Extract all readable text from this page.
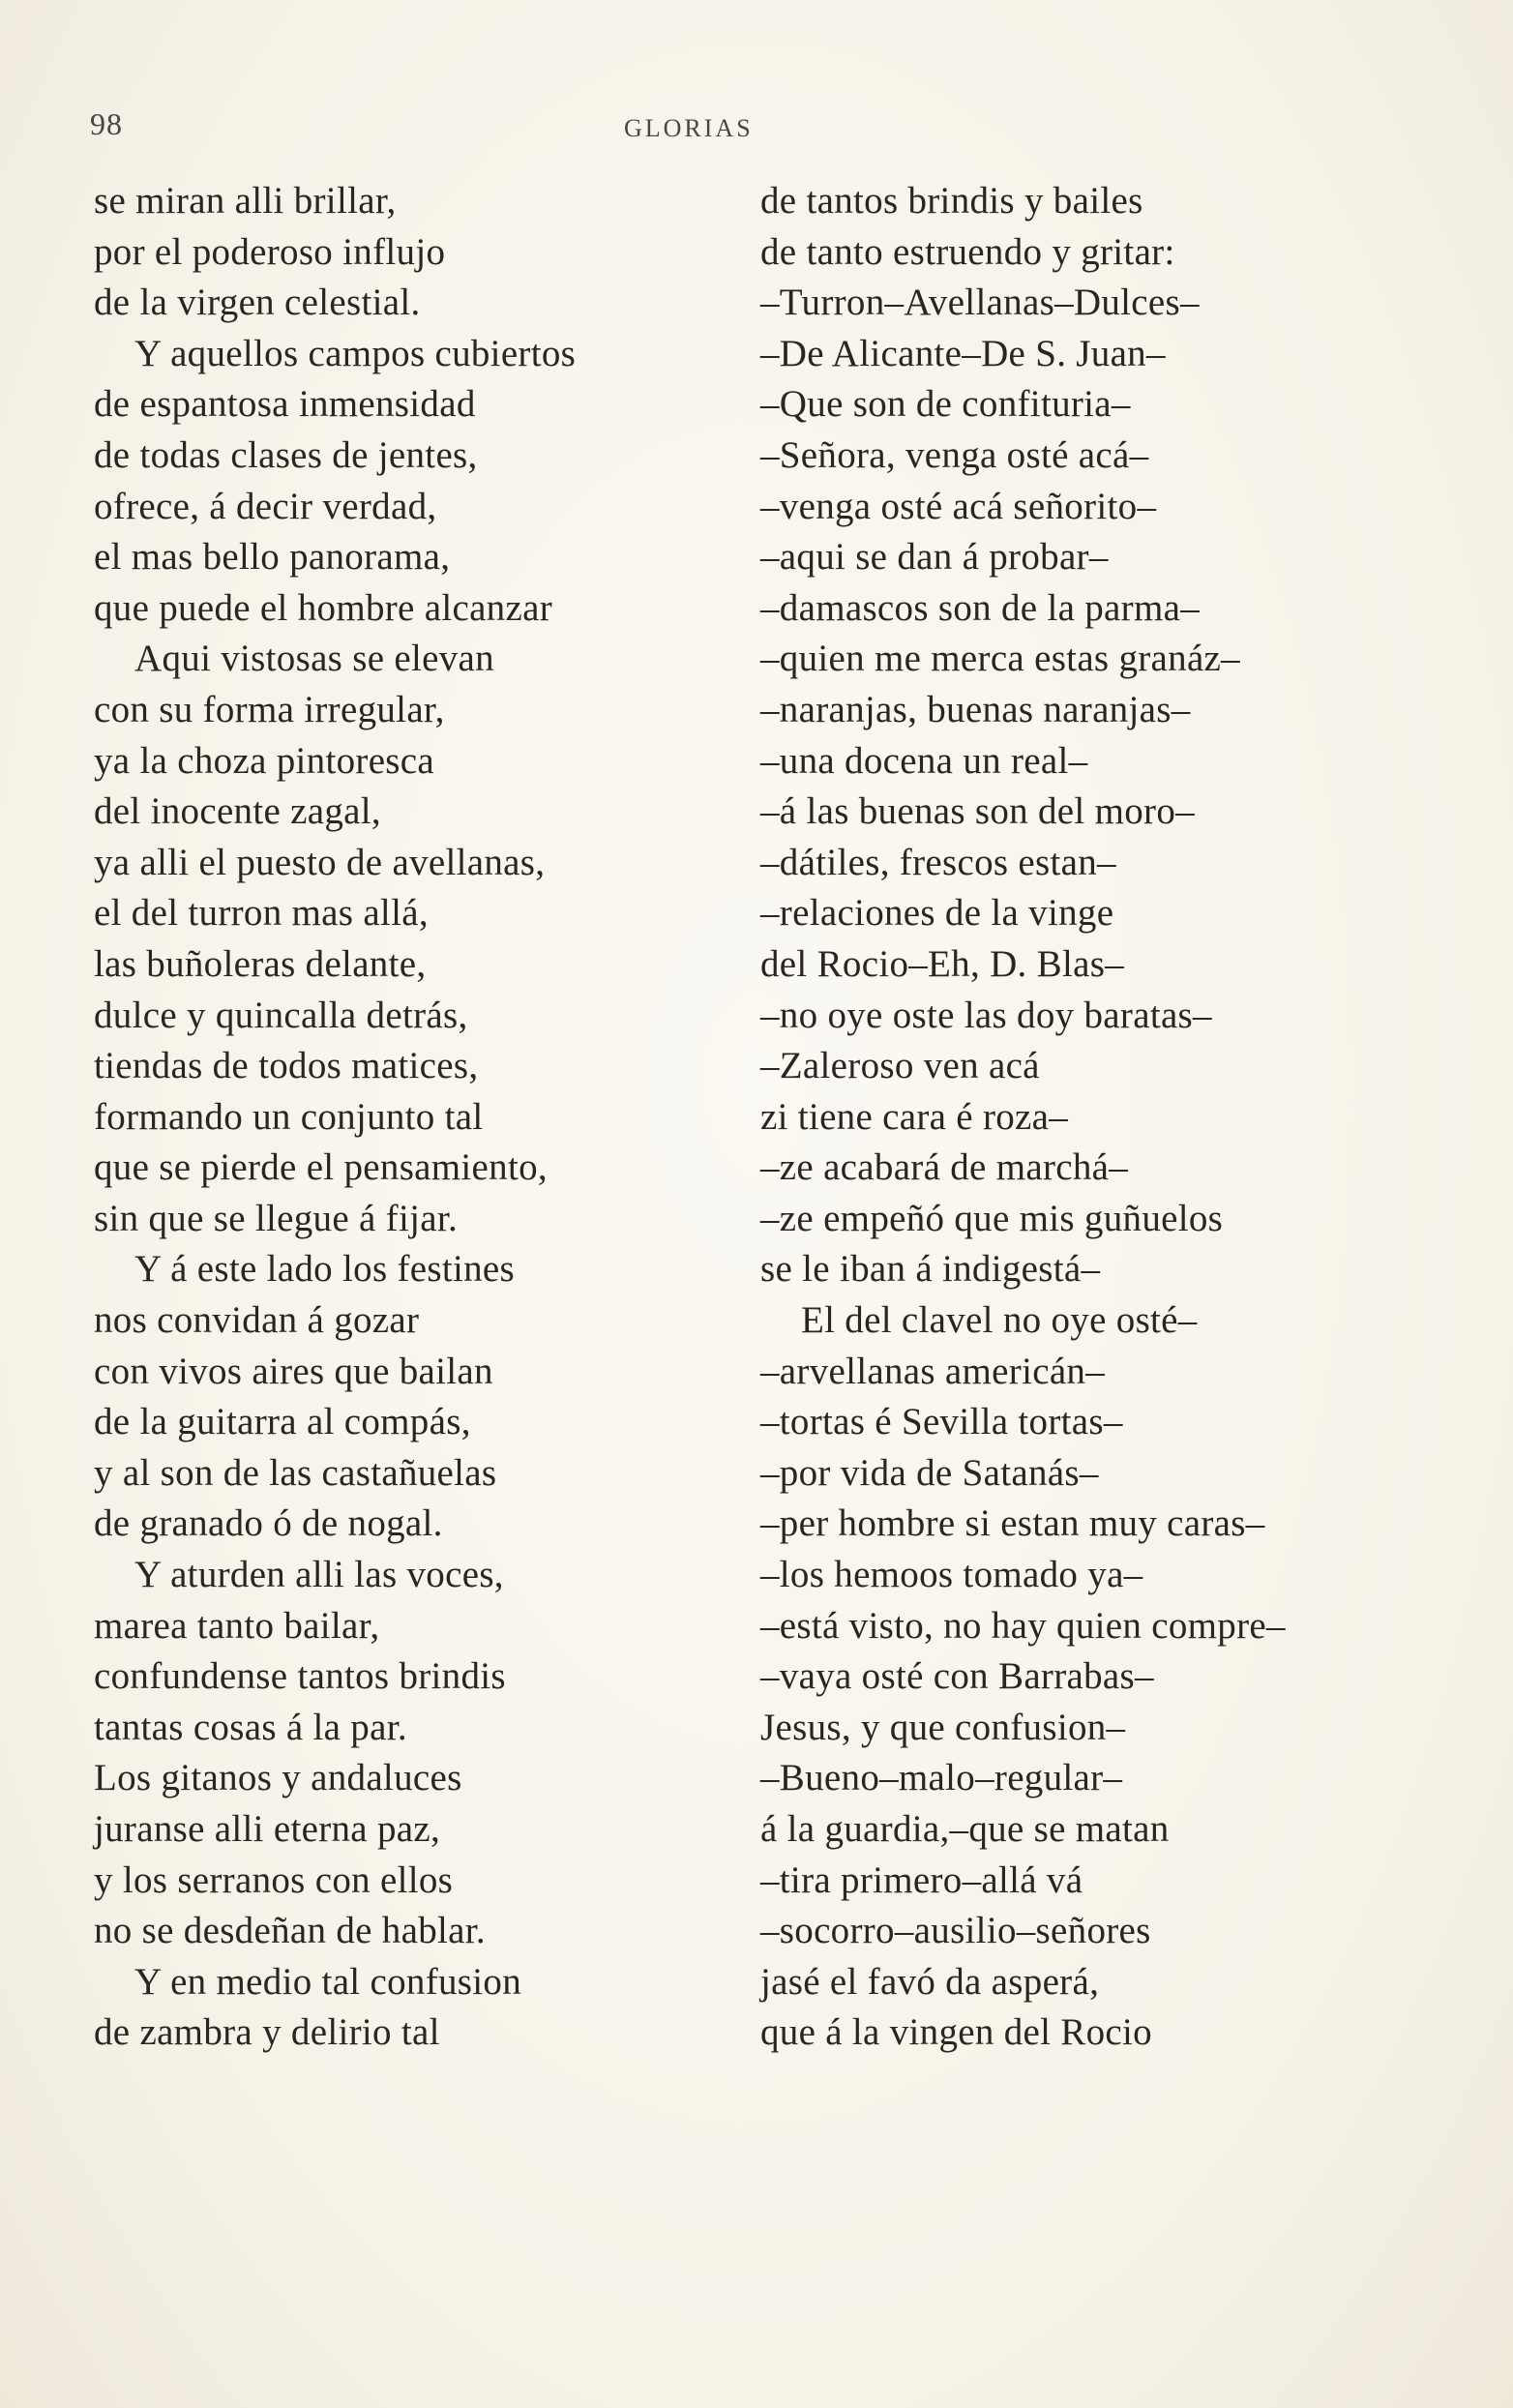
98	GLORIAS
se miran alli brillar,
por el poderoso influjo
de la virgen celestial.
Y aquellos campos cubiertos
de espantosa inmensidad
de todas clases de jentes,
ofrece, á decir verdad,
el mas bello panorama,
que puede el hombre alcanzar
Aqui vistosas se elevan
con su forma irregular,
ya la choza pintoresca
del inocente zagal,
ya alli el puesto de avellanas,
el del turron mas allá,
las buñoleras delante,
dulce y quincalla detrás,
tiendas de todos matices,
formando un conjunto tal
que se pierde el pensamiento,
sin que se llegue á fijar.
Y á este lado los festines
nos convidan á gozar
con vivos aires que bailan
de la guitarra al compás,
y al son de las castañuelas
de granado ó de nogal.
Y aturden alli las voces,
marea tanto bailar,
confundense tantos brindis
tantas cosas á la par.
Los gitanos y andaluces
juranse alli eterna paz,
y los serranos con ellos
no se desdeñan de hablar.
Y en medio tal confusion
de zambra y delirio tal
de tantos brindis y bailes
de tanto estruendo y gritar:
–Turron–Avellanas–Dulces–
–De Alicante–De S. Juan–
–Que son de confituria–
–Señora, venga osté acá–
–venga osté acá señorito–
–aqui se dan á probar–
–damascos son de la parma–
–quien me merca estas granáz–
–naranjas, buenas naranjas–
–una docena un real–
–á las buenas son del moro–
–dátiles, frescos estan–
–relaciones de la vinge
del Rocio–Eh, D. Blas–
–no oye oste las doy baratas–
–Zaleroso ven acá
zi tiene cara é roza–
–ze acabará de marchá–
–ze empeñó que mis guñuelos
se le iban á indigestá–
El del clavel no oye osté–
–arvellanas americán–
–tortas é Sevilla tortas–
–por vida de Satanás–
–per hombre si estan muy caras–
–los hemoos tomado ya–
–está visto, no hay quien compre–
–vaya osté con Barrabas–
Jesus, y que confusion–
–Bueno–malo–regular–
á la guardia,–que se matan
–tira primero–allá vá
–socorro–ausilio–señores
jasé el favó da asperá,
que á la vingen del Rocio
